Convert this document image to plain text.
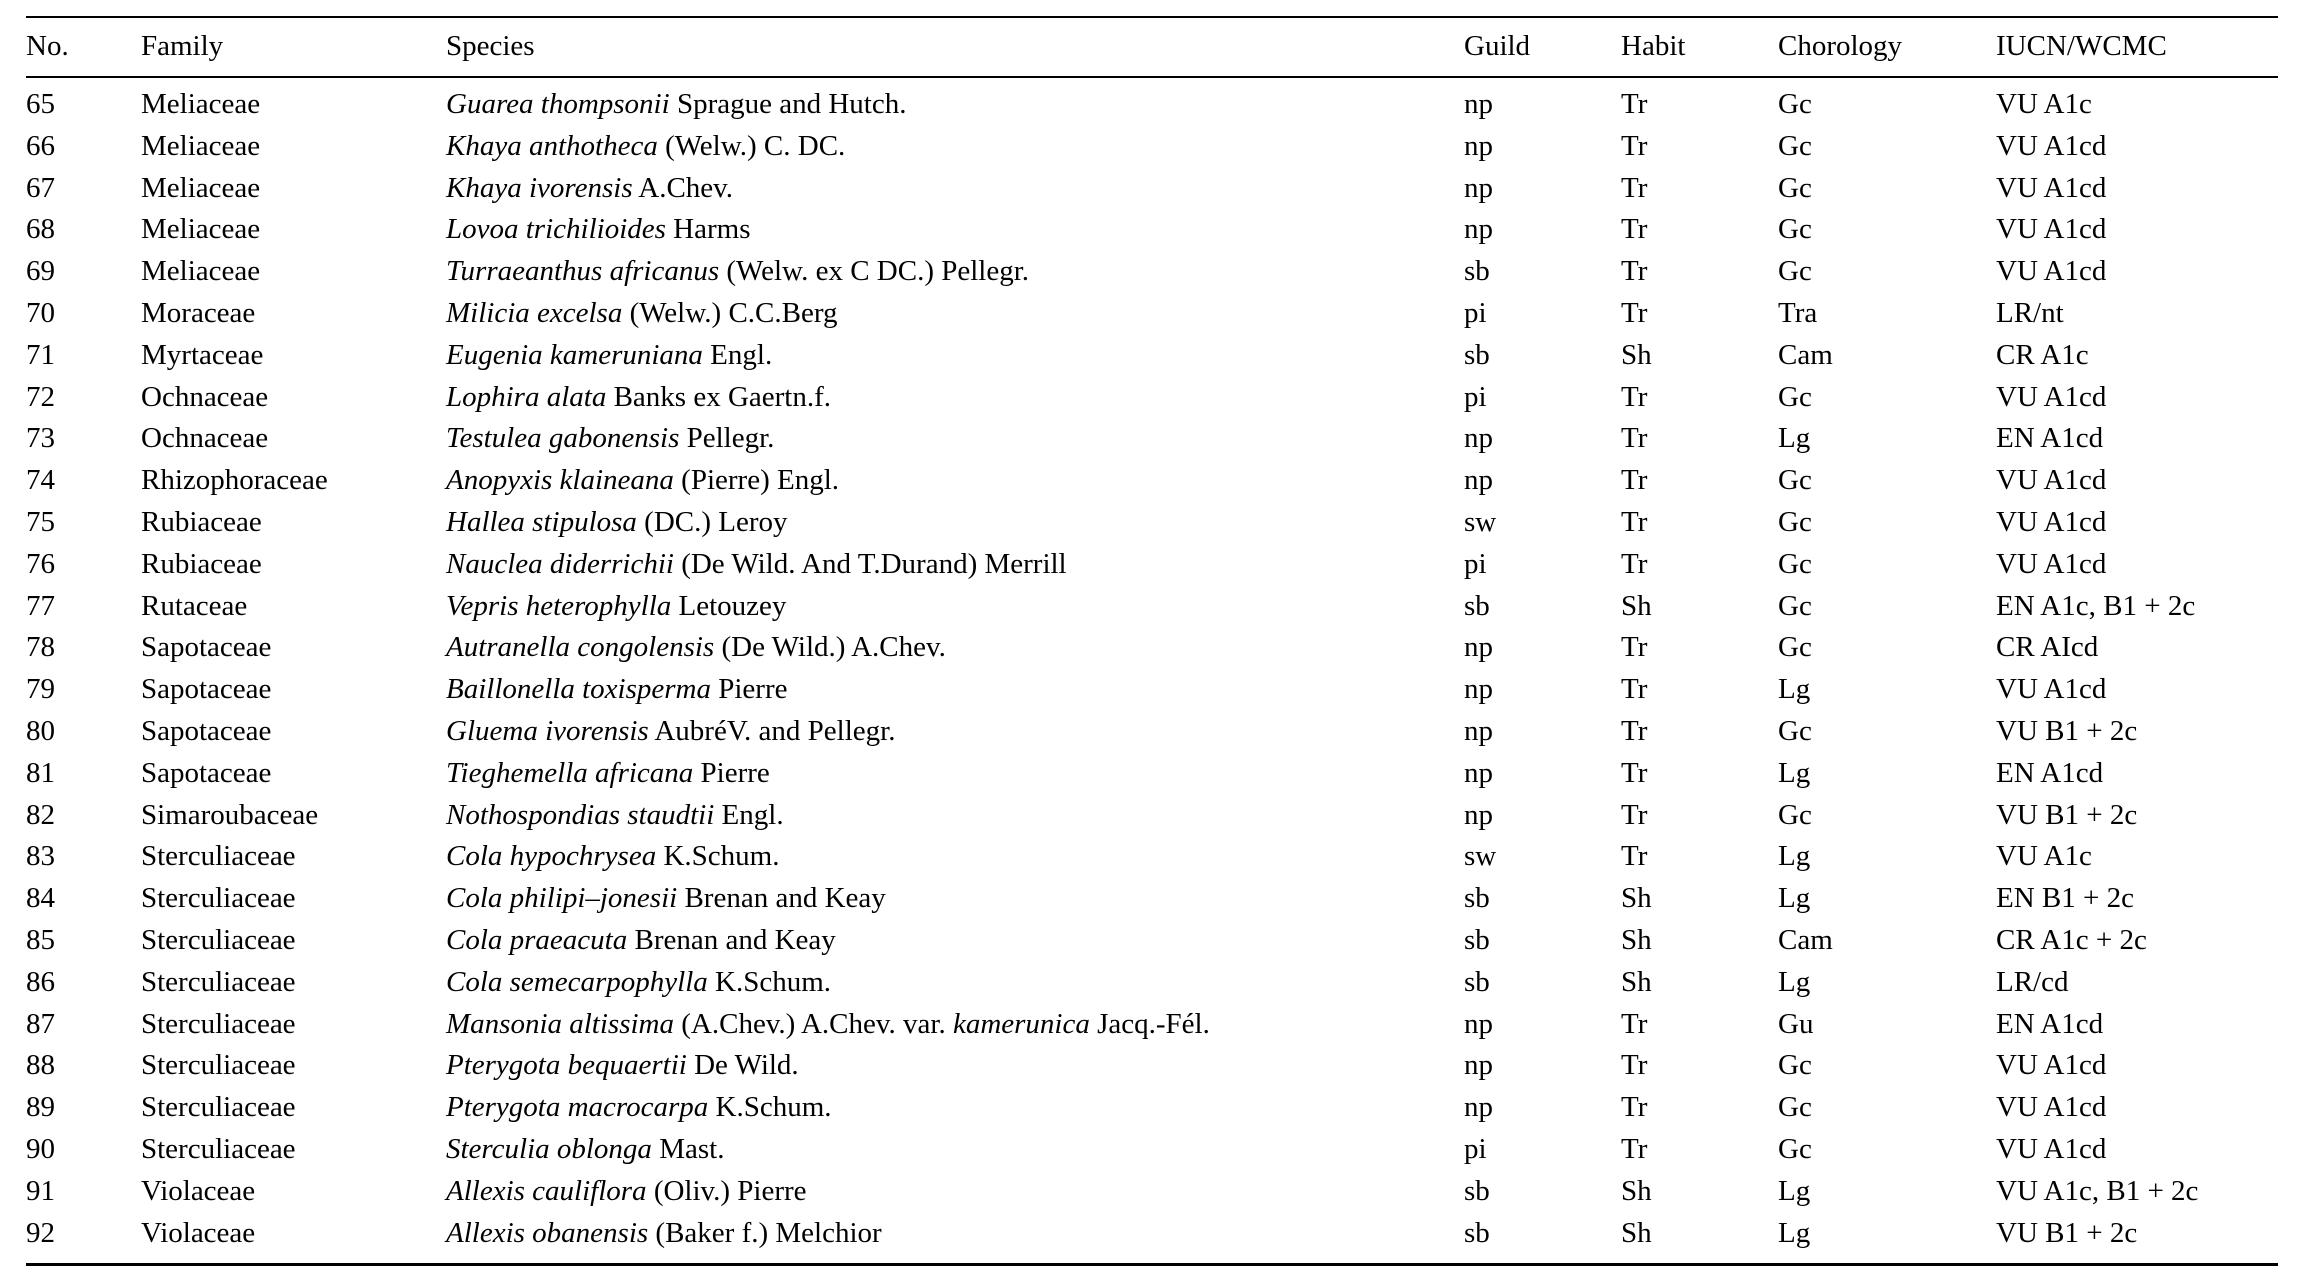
No.	Family	Species	Guild	Habit	Chorology	IUCN/WCMC
65	Meliaceae	Guarea thompsonii Sprague and Hutch.	np	Tr	Gc	VU A1c
66	Meliaceae	Khaya anthotheca (Welw.) C. DC.	np	Tr	Gc	VU A1cd
67	Meliaceae	Khaya ivorensis A.Chev.	np	Tr	Gc	VU A1cd
68	Meliaceae	Lovoa trichilioides Harms	np	Tr	Gc	VU A1cd
69	Meliaceae	Turraeanthus africanus (Welw. ex C DC.) Pellegr.	sb	Tr	Gc	VU A1cd
70	Moraceae	Milicia excelsa (Welw.) C.C.Berg	pi	Tr	Tra	LR/nt
71	Myrtaceae	Eugenia kameruniana Engl.	sb	Sh	Cam	CR A1c
72	Ochnaceae	Lophira alata Banks ex Gaertn.f.	pi	Tr	Gc	VU A1cd
73	Ochnaceae	Testulea gabonensis Pellegr.	np	Tr	Lg	EN A1cd
74	Rhizophoraceae	Anopyxis klaineana (Pierre) Engl.	np	Tr	Gc	VU A1cd
75	Rubiaceae	Hallea stipulosa (DC.) Leroy	sw	Tr	Gc	VU A1cd
76	Rubiaceae	Nauclea diderrichii (De Wild. And T.Durand) Merrill	pi	Tr	Gc	VU A1cd
77	Rutaceae	Vepris heterophylla Letouzey	sb	Sh	Gc	EN A1c, B1 + 2c
78	Sapotaceae	Autranella congolensis (De Wild.) A.Chev.	np	Tr	Gc	CR AIcd
79	Sapotaceae	Baillonella toxisperma Pierre	np	Tr	Lg	VU A1cd
80	Sapotaceae	Gluema ivorensis AubréV. and Pellegr.	np	Tr	Gc	VU B1 + 2c
81	Sapotaceae	Tieghemella africana Pierre	np	Tr	Lg	EN A1cd
82	Simaroubaceae	Nothospondias staudtii Engl.	np	Tr	Gc	VU B1 + 2c
83	Sterculiaceae	Cola hypochrysea K.Schum.	sw	Tr	Lg	VU A1c
84	Sterculiaceae	Cola philipi–jonesii Brenan and Keay	sb	Sh	Lg	EN B1 + 2c
85	Sterculiaceae	Cola praeacuta Brenan and Keay	sb	Sh	Cam	CR A1c + 2c
86	Sterculiaceae	Cola semecarpophylla K.Schum.	sb	Sh	Lg	LR/cd
87	Sterculiaceae	Mansonia altissima (A.Chev.) A.Chev. var. kamerunica Jacq.-Fél.	np	Tr	Gu	EN A1cd
88	Sterculiaceae	Pterygota bequaertii De Wild.	np	Tr	Gc	VU A1cd
89	Sterculiaceae	Pterygota macrocarpa K.Schum.	np	Tr	Gc	VU A1cd
90	Sterculiaceae	Sterculia oblonga Mast.	pi	Tr	Gc	VU A1cd
91	Violaceae	Allexis cauliflora (Oliv.) Pierre	sb	Sh	Lg	VU A1c, B1 + 2c
92	Violaceae	Allexis obanensis (Baker f.) Melchior	sb	Sh	Lg	VU B1 + 2c
